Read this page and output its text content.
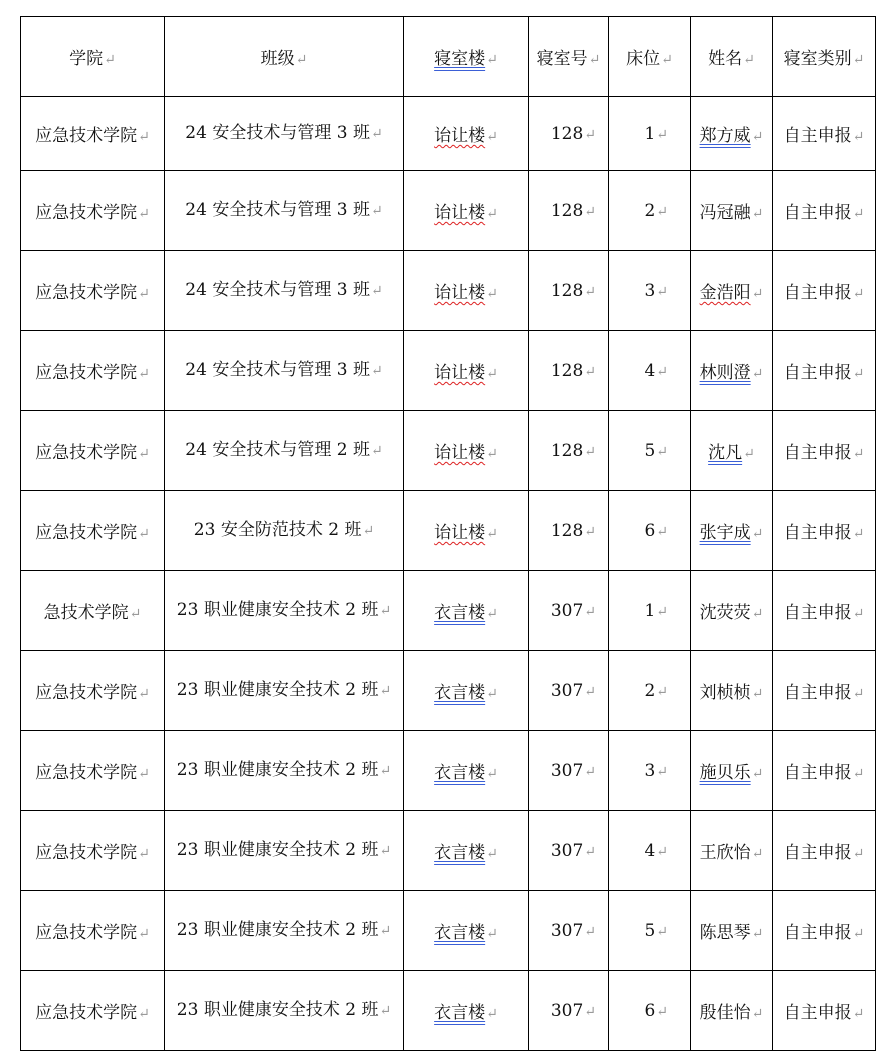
学院↵	班级↵	寝室楼↵	寝室号↵	床位↵	姓名↵	寝室类别↵
应急技术学院↵	24 安全技术与管理 3 班↵	诒让楼↵	128↵	1↵	郑方威↵	自主申报↵
应急技术学院↵	24 安全技术与管理 3 班↵	诒让楼↵	128↵	2↵	冯冠融↵	自主申报↵
应急技术学院↵	24 安全技术与管理 3 班↵	诒让楼↵	128↵	3↵	金浩阳↵	自主申报↵
应急技术学院↵	24 安全技术与管理 3 班↵	诒让楼↵	128↵	4↵	林则澄↵	自主申报↵
应急技术学院↵	24 安全技术与管理 2 班↵	诒让楼↵	128↵	5↵	沈凡↵	自主申报↵
应急技术学院↵	23 安全防范技术 2 班↵	诒让楼↵	128↵	6↵	张宇成↵	自主申报↵
急技术学院↵	23 职业健康安全技术 2 班↵	衣言楼↵	307↵	1↵	沈荧荧↵	自主申报↵
应急技术学院↵	23 职业健康安全技术 2 班↵	衣言楼↵	307↵	2↵	刘桢桢↵	自主申报↵
应急技术学院↵	23 职业健康安全技术 2 班↵	衣言楼↵	307↵	3↵	施贝乐↵	自主申报↵
应急技术学院↵	23 职业健康安全技术 2 班↵	衣言楼↵	307↵	4↵	王欣怡↵	自主申报↵
应急技术学院↵	23 职业健康安全技术 2 班↵	衣言楼↵	307↵	5↵	陈思琴↵	自主申报↵
应急技术学院↵	23 职业健康安全技术 2 班↵	衣言楼↵	307↵	6↵	殷佳怡↵	自主申报↵
